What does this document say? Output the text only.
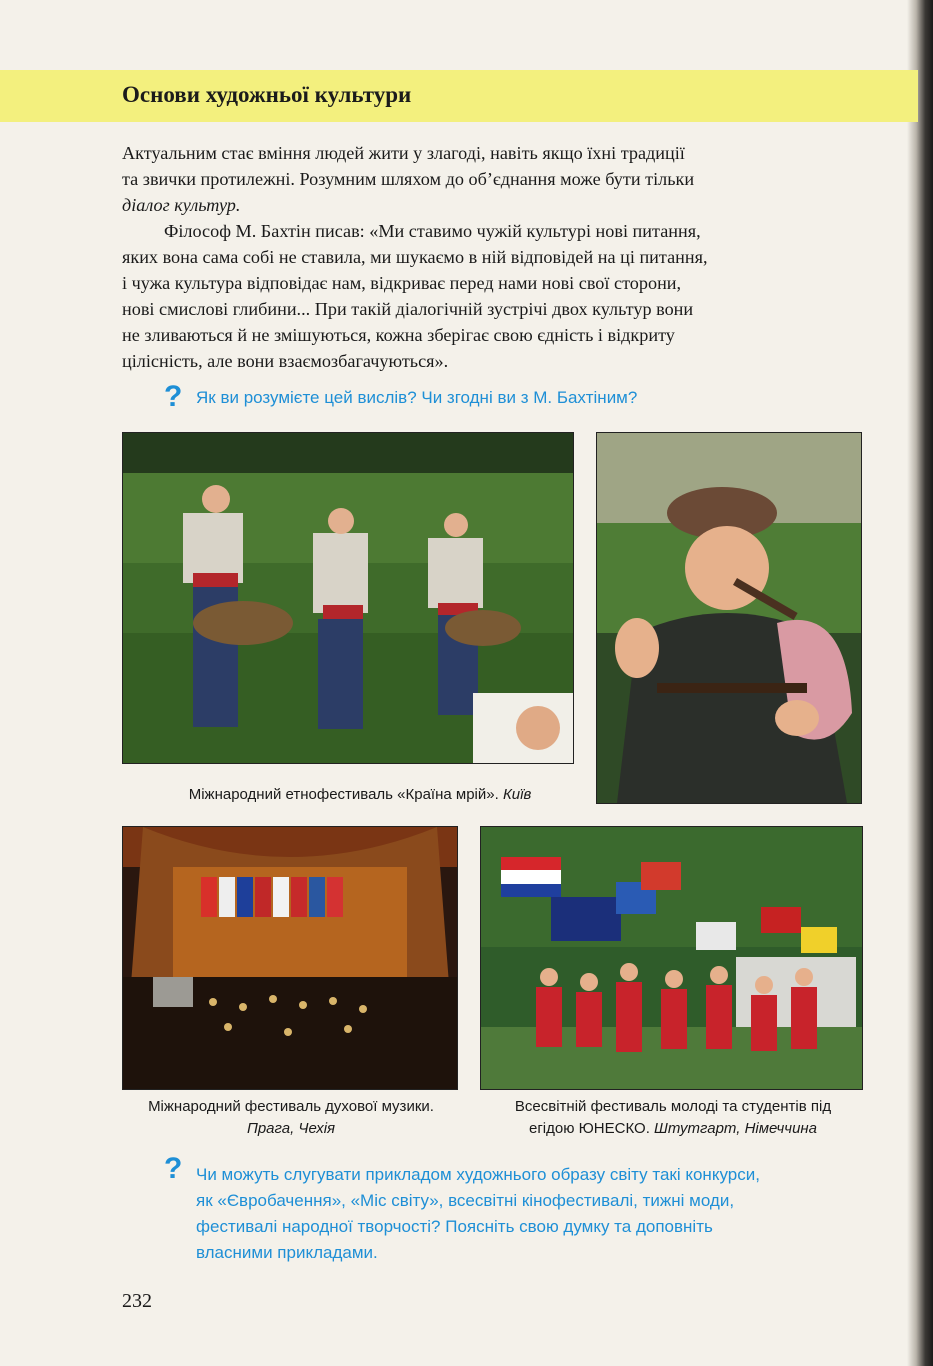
Основи художньої культури
Актуальним стає вміння людей жити у злагоді, навіть якщо їхні традиції
та звички протилежні. Розумним шляхом до об’єднання може бути тільки
діалог культур.
Філософ М. Бахтін писав: «Ми ставимо чужій культурі нові питання,
яких вона сама собі не ставила, ми шукаємо в ній відповідей на ці питання,
і чужа культура відповідає нам, відкриває перед нами нові свої сторони,
нові смислові глибини... При такій діалогічній зустрічі двох культур вони
не зливаються й не змішуються, кожна зберігає свою єдність і відкриту
цілісність, але вони взаємозбагачуються».
? Як ви розумієте цей вислів? Чи згодні ви з М. Бахтіним?
Міжнародний етнофестиваль «Країна мрій». Київ
Міжнародний фестиваль духової музики.
Прага, Чехія
Всесвітній фестиваль молоді та студентів під
егідою ЮНЕСКО. Штутгарт, Німеччина
? Чи можуть слугувати прикладом художнього образу світу такі конкурси,
як «Євробачення», «Міс світу», всесвітні кінофестивалі, тижні моди,
фестивалі народної творчості? Поясніть свою думку та доповніть
власними прикладами.
232
